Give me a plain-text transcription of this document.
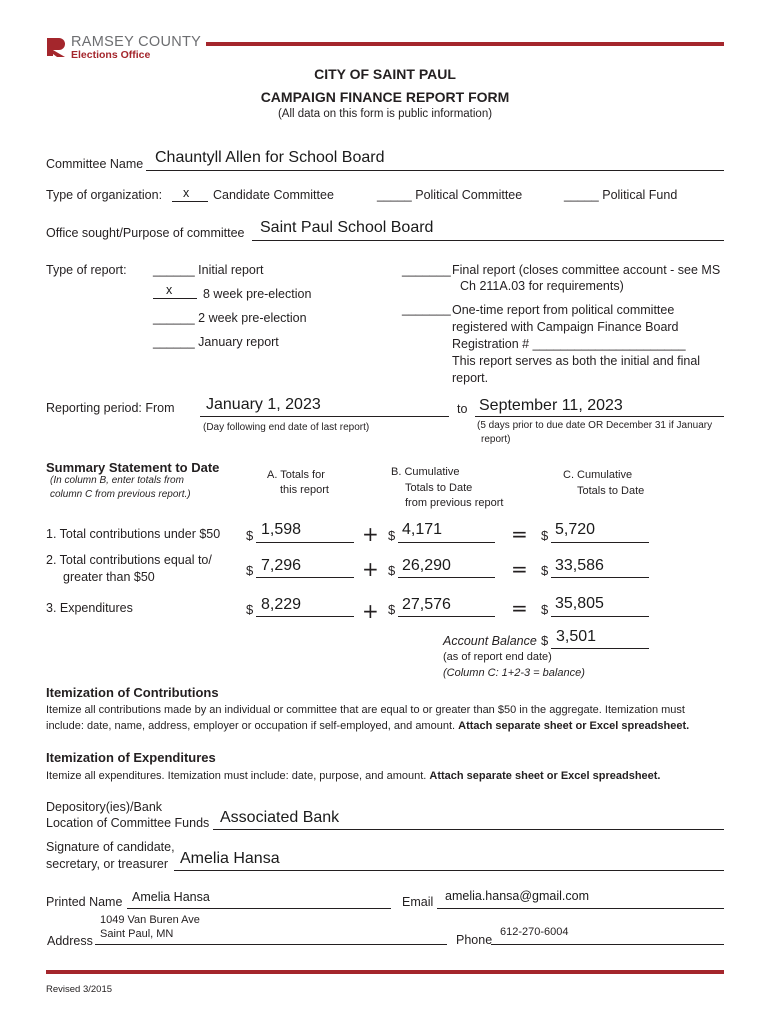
RAMSEY COUNTY
Elections Office
CITY OF SAINT PAUL
CAMPAIGN FINANCE REPORT FORM
(All data on this form is public information)
Committee Name Chauntyll Allen for School Board
Type of organization: x Candidate Committee	_____ Political Committee	_____ Political Fund
Office sought/Purpose of committee Saint Paul School Board
Type of report: ______ Initial report
x 8 week pre-election
______ 2 week pre-election
______ January report
_______ Final report (closes committee account - see MS
Ch 211A.03 for requirements)
_______ One-time report from political committee
registered with Campaign Finance Board
Registration # ______________________
This report serves as both the initial and final
report.
Reporting period: From January 1, 2023	to September 11, 2023
(Day following end date of last report)	(5 days prior to due date OR December 31 if January
report)
Summary Statement to Date
(In column B, enter totals from
column C from previous report.)
A. Totals for
this report
B. Cumulative
Totals to Date
from previous report
C. Cumulative
Totals to Date
1. Total contributions under $50 $ 1,598	+ $ 4,171	= $ 5,720
2. Total contributions equal to/
greater than $50	$ 7,296	+ $ 26,290	= $ 33,586
3. Expenditures	$ 8,229	+ $ 27,576	= $ 35,805
Account Balance $ 3,501
(as of report end date)
(Column C: 1+2-3 = balance)
Itemization of Contributions
Itemize all contributions made by an individual or committee that are equal to or greater than $50 in the aggregate. Itemization must
include: date, name, address, employer or occupation if self-employed, and amount. Attach separate sheet or Excel spreadsheet.
Itemization of Expenditures
Itemize all expenditures. Itemization must include: date, purpose, and amount. Attach separate sheet or Excel spreadsheet.
Depository(ies)/Bank
Location of Committee Funds Associated Bank
Signature of candidate,
secretary, or treasurer Amelia Hansa
Printed Name Amelia Hansa	Email amelia.hansa@gmail.com
Address
1049 Van Buren Ave
Saint Paul, MN	Phone
612-270-6004
Revised 3/2015
